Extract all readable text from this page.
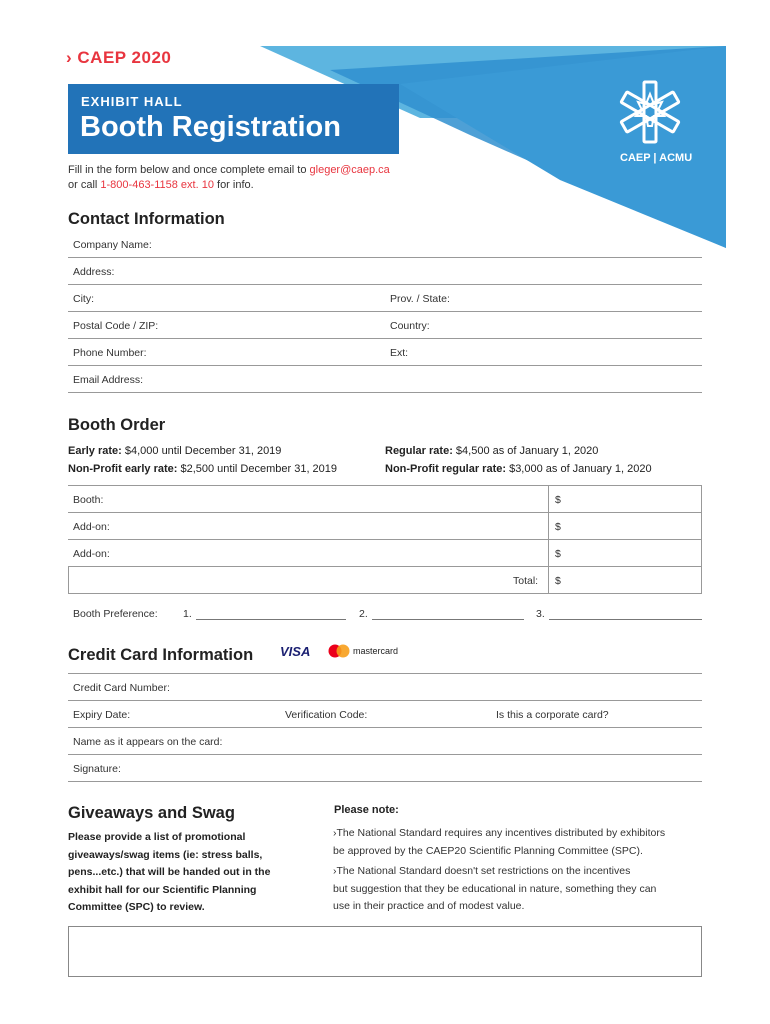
› CAEP 2020
EXHIBIT HALL
Booth Registration
CAEP | ACMU
Fill in the form below and once complete email to gleger@caep.ca
or call 1-800-463-1158 ext. 10 for info.
Contact Information
Company Name:
Address:
City:	Prov. / State:
Postal Code / ZIP:	Country:
Phone Number:	Ext:
Email Address:
Booth Order
Early rate: $4,000 until December 31, 2019
Non-Profit early rate: $2,500 until December 31, 2019
Regular rate: $4,500 as of January 1, 2020
Non-Profit regular rate: $3,000 as of January 1, 2020
Booth:	$
Add-on:	$
Add-on:	$
Total: $
Booth Preference: 1.	2.	3.
Credit Card Information VISA	mastercard
Credit Card Number:
Expiry Date:	Verification Code:	Is this a corporate card?
Name as it appears on the card:
Signature:
Giveaways and Swag
Please provide a list of promotional
giveaways/swag items (ie: stress balls,
pens...etc.) that will be handed out in the
exhibit hall for our Scientific Planning
Committee (SPC) to review.
Please note:
›The National Standard requires any incentives distributed by exhibitors
be approved by the CAEP20 Scientific Planning Committee (SPC).
›The National Standard doesn't set restrictions on the incentives
but suggestion that they be educational in nature, something they can
use in their practice and of modest value.
